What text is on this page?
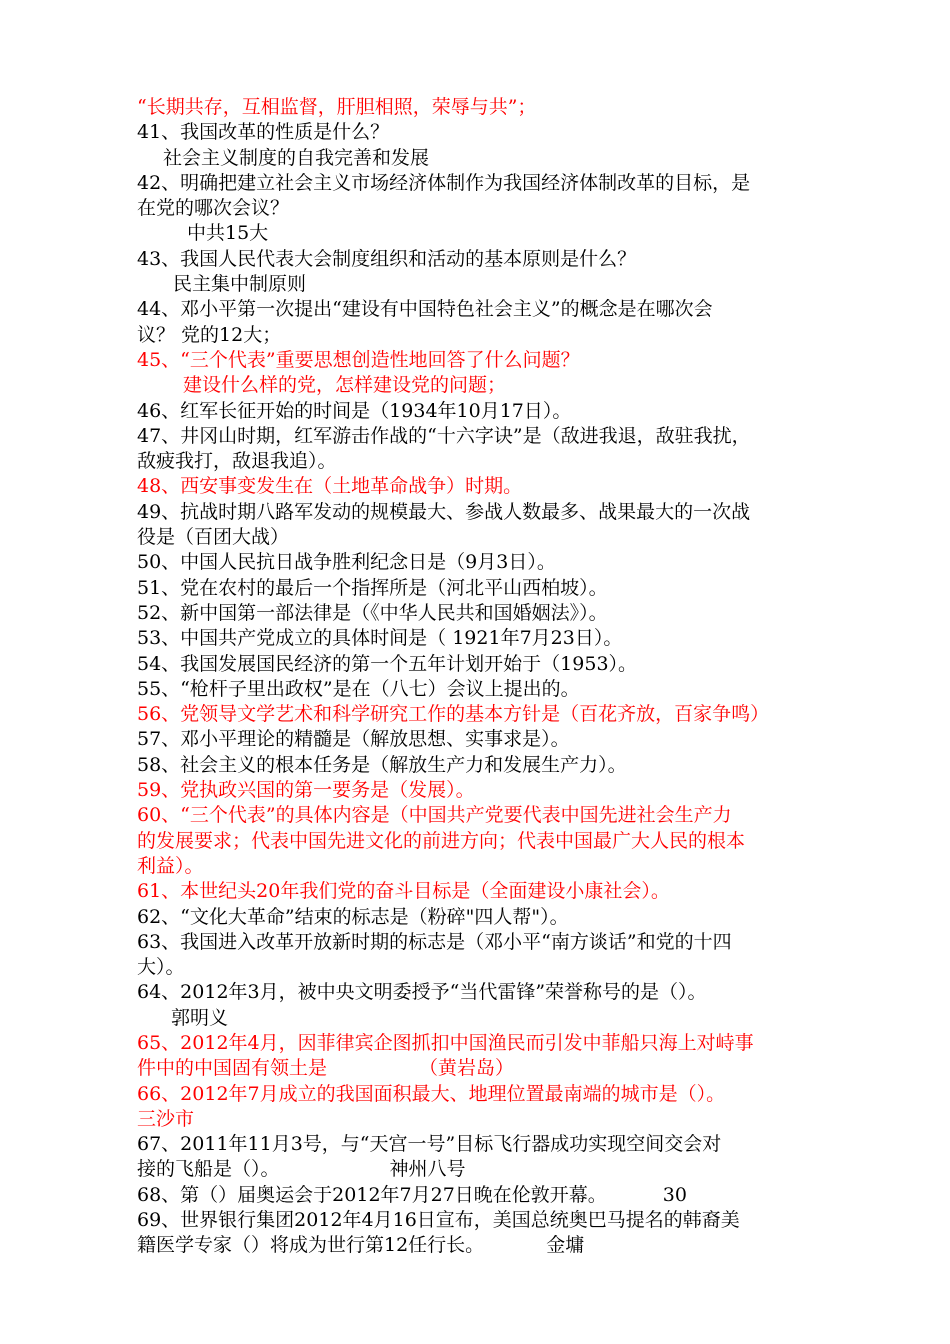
“长期共存，互相监督，肝胆相照，荣辱与共”；
41、我国改革的性质是什么？
社会主义制度的自我完善和发展
42、明确把建立社会主义市场经济体制作为我国经济体制改革的目标，是
在党的哪次会议？
中共15大
43、我国人民代表大会制度组织和活动的基本原则是什么？
民主集中制原则
44、邓小平第一次提出“建设有中国特色社会主义”的概念是在哪次会
议？ 党的12大；
45、“三个代表”重要思想创造性地回答了什么问题？
建设什么样的党，怎样建设党的问题；
46、红军长征开始的时间是（1934年10月17日）。
47、井冈山时期，红军游击作战的“十六字诀”是（敌进我退，敌驻我扰，
敌疲我打，敌退我追）。
48、西安事变发生在（土地革命战争）时期。
49、抗战时期八路军发动的规模最大、参战人数最多、战果最大的一次战
役是（百团大战）
50、中国人民抗日战争胜利纪念日是（9月3日）。
51、党在农村的最后一个指挥所是（河北平山西柏坡）。
52、新中国第一部法律是（《中华人民共和国婚姻法》）。
53、中国共产党成立的具体时间是（ 1921年7月23日）。
54、我国发展国民经济的第一个五年计划开始于（1953）。
55、“枪杆子里出政权”是在（八七）会议上提出的。
56、党领导文学艺术和科学研究工作的基本方针是（百花齐放，百家争鸣）
57、邓小平理论的精髓是（解放思想、实事求是）。
58、社会主义的根本任务是（解放生产力和发展生产力）。
59、党执政兴国的第一要务是（发展）。
60、“三个代表”的具体内容是（中国共产党要代表中国先进社会生产力
的发展要求；代表中国先进文化的前进方向；代表中国最广大人民的根本
利益）。
61、本世纪头20年我们党的奋斗目标是（全面建设小康社会）。
62、“文化大革命”结束的标志是（粉碎"四人帮"）。
63、我国进入改革开放新时期的标志是（邓小平“南方谈话”和党的十四
大）。
64、2012年3月，被中央文明委授予“当代雷锋”荣誉称号的是（）。
郭明义
65、2012年4月，因菲律宾企图抓扣中国渔民而引发中菲船只海上对峙事
件中的中国固有领土是	（黄岩岛）
66、2012年7月成立的我国面积最大、地理位置最南端的城市是（）。
三沙市
67、2011年11月3号，与“天宫一号”目标飞行器成功实现空间交会对
接的飞船是（）。	神州八号
68、第（）届奥运会于2012年7月27日晚在伦敦开幕。	30
69、世界银行集团2012年4月16日宣布，美国总统奥巴马提名的韩裔美
籍医学专家（）将成为世行第12任行长。	金墉
